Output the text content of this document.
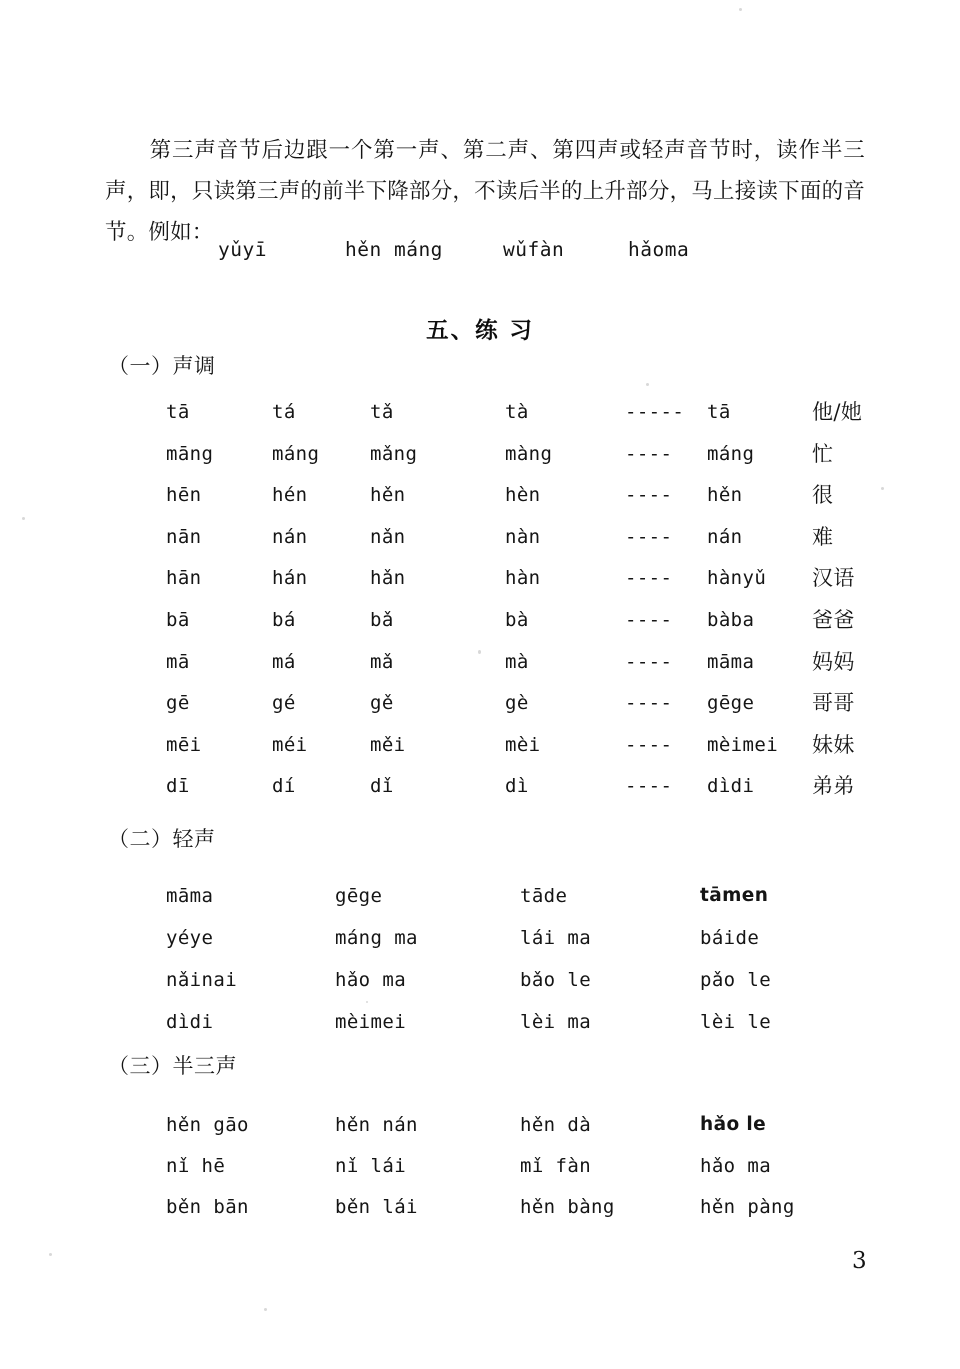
第三声音节后边跟一个第一声、第二声、第四声或轻声音节时，读作半三声，即，只读第三声的前半下降部分，不读后半的上升部分，马上接读下面的音节。例如：

yǔyī	hěn máng	wǔfàn	hǎoma
五、练 习
（一）声调
tā	tá	tǎ	tà	----- tā	他/她
māng	máng	mǎng	màng	---- máng	忙
hēn	hén	hěn	hèn	---- hěn	很
nān	nán	nǎn	nàn	---- nán	难
hān	hán	hǎn	hàn	---- hànyǔ 汉语
bā	bá	bǎ	bà	---- bàba	爸爸
mā	má	mǎ	mà	---- māma	妈妈
gē	gé	gě	gè	---- gēge	哥哥
mēi	méi	měi	mèi	---- mèimei 妹妹
dī	dí	dǐ	dì	---- dìdi	弟弟
（二）轻声
māma	gēge	tāde	tāmen
yéye	máng ma	lái ma	báide
nǎinai	hǎo ma	bǎo le	pǎo le
dìdi	mèimei	lèi ma	lèi le
（三）半三声
hěn gāo	hěn nán	hěn dà	hǎo le
nǐ hē	nǐ lái	mǐ fàn	hǎo ma
běn bān	běn lái	hěn bàng	hěn pàng
3
